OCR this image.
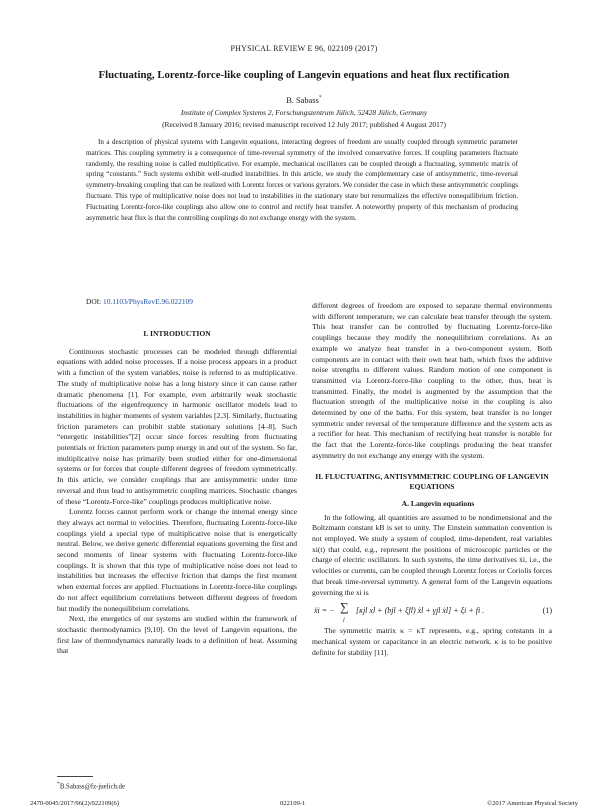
PHYSICAL REVIEW E 96, 022109 (2017)
Fluctuating, Lorentz-force-like coupling of Langevin equations and heat flux rectification
B. Sabass*
Institute of Complex Systems 2, Forschungszentrum Jülich, 52428 Jülich, Germany
(Received 8 January 2016; revised manuscript received 12 July 2017; published 4 August 2017)
In a description of physical systems with Langevin equations, interacting degrees of freedom are usually coupled through symmetric parameter matrices. This coupling symmetry is a consequence of time-reversal symmetry of the involved conservative forces. If coupling parameters fluctuate randomly, the resulting noise is called multiplicative. For example, mechanical oscillators can be coupled through a fluctuating, symmetric matrix of spring “constants.” Such systems exhibit well-studied instabilities. In this article, we study the complementary case of antisymmetric, time-reversal symmetry-breaking coupling that can be realized with Lorentz forces or various gyrators. We consider the case in which these antisymmetric couplings fluctuate. This type of multiplicative noise does not lead to instabilities in the stationary state but renormalizes the effective nonequilibrium friction. Fluctuating Lorentz-force-like couplings also allow one to control and rectify heat transfer. A noteworthy property of this mechanism of producing asymmetric heat flux is that the controlling couplings do not exchange energy with the system.
DOI: 10.1103/PhysRevE.96.022109

I. INTRODUCTION

Continuous stochastic processes can be modeled through differential equations with added noise processes. If a noise process appears in a product with a function of the system variables, noise is referred to as multiplicative. The study of multiplicative noise has a long history since it can cause rather dramatic phenomena [1]. For example, even arbitrarily weak stochastic fluctuations of the eigenfrequency in harmonic oscillator models lead to instabilities in higher moments of system variables [2,3]. Similarly, fluctuating friction parameters can prohibit stable stationary solutions [4–8]. Such “energetic instabilities”[2] occur since forces resulting from fluctuating potentials or friction parameters pump energy in and out of the system. So far, multiplicative noise has primarily been studied either for one-dimensional systems or for forces that couple different degrees of freedom symmetrically. In this article, we consider couplings that are antisymmetric under time reversal and thus lead to antisymmetric coupling matrices. Stochastic changes of these “Lorentz-Force-like” couplings produces multiplicative noise.

Lorentz forces cannot perform work or change the internal energy since they always act normal to velocities. Therefore, fluctuating Lorentz-force-like couplings yield a special type of multiplicative noise that is energetically neutral. Below, we derive generic differential equations governing the first and second moments of linear systems with fluctuating Lorentz-force-like couplings. It is shown that this type of multiplicative noise does not lead to instabilities but increases the effective friction that damps the first moment when external forces are applied. Fluctuations in Lorentz-force-like couplings do not affect equilibrium correlations between different degrees of freedom but modify the nonequilibrium correlations.

Next, the energetics of our systems are studied within the framework of stochastic thermodynamics [9,10]. On the level of Langevin equations, the first law of thermodynamics naturally leads to a definition of heat. Assuming that

different degrees of freedom are exposed to separate thermal environments with different temperature, we can calculate heat transfer through the system. This heat transfer can be controlled by fluctuating Lorentz-force-like couplings because they modify the nonequilibrium correlations. As an example we analyze heat transfer in a two-component system. Both components are in contact with their own heat bath, which fixes the additive noise strengths to different values. Random motion of one component is transmitted via Lorentz-force-like coupling to the other, thus, heat is transmitted. Finally, the model is augmented by the assumption that the fluctuation strength of the multiplicative noise in the coupling is also determined by one of the baths. For this system, heat transfer is no longer symmetric under reversal of the temperature difference and the system acts as a rectifier for heat. This mechanism of rectifying heat transfer is notable for the fact that the Lorentz-force-like couplings producing the heat transfer asymmetry do not exchange any energy with the system.

II. FLUCTUATING, ANTISYMMETRIC COUPLING OF LANGEVIN EQUATIONS

A. Langevin equations

In the following, all quantities are assumed to be nondimensional and the Boltzmann constant kB is set to unity. The Einstein summation convention is not employed. We study a system of coupled, time-dependent, real variables xi(t) that could, e.g., represent the positions of microscopic particles or the charge of electric oscillators. In such systems, the time derivatives ẋi, i.e., the velocities or currents, can be coupled through Lorentz forces or Coriolis forces that break time-reversal symmetry. A general form of the Langevin equations governing the xi is

ẍi = − ∑
l
[κjl xl + (bjl + ξ̃jl) ẋl + γjl ẋl] + ξi + fi .	(1)

The symmetric matrix κ = κT represents, e.g., spring constants in a mechanical system or capacitance in an electric network. κ is to be positive definite for stability [11].

*B.Sabass@fz-juelich.de
2470-0045/2017/96(2)/022109(6)	022109-1	©2017 American Physical Society
